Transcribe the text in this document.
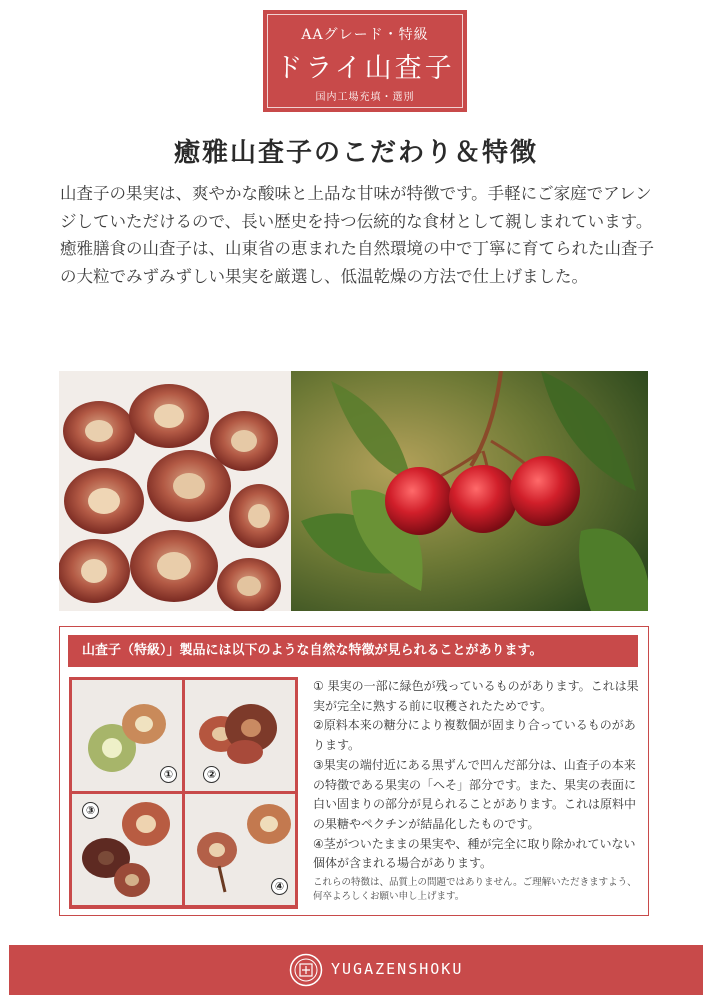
AAグレード・特級
ドライ山査子
国内工場充填・選別
癒雅山査子のこだわり＆特徴

山査子の果実は、爽やかな酸味と上品な甘味が特徴です。手軽にご家庭でアレンジしていただけるので、長い歴史を持つ伝統的な食材として親しまれています。

癒雅膳食の山査子は、山東省の恵まれた自然環境の中で丁寧に育てられた山査子の大粒でみずみずしい果実を厳選し、低温乾燥の方法で仕上げました。

山査子（特級）」製品には以下のような自然な特徴が見られることがあります。
①	②
③
④

① 果実の一部に緑色が残っているものがあります。これは果実が完全に熟する前に収穫されたためです。

②原料本来の糖分により複数個が固まり合っているものがあります。

③果実の端付近にある黒ずんで凹んだ部分は、山査子の本来の特徴である果実の「へそ」部分です。また、果実の表面に白い固まりの部分が見られることがあります。これは原料中の果糖やペクチンが結晶化したものです。

④茎がついたままの果実や、種が完全に取り除かれていない個体が含まれる場合があります。

これらの特徴は、品質上の問題ではありません。ご理解いただきますよう、何卒よろしくお願い申し上げます。

YUGAZENSHOKU
